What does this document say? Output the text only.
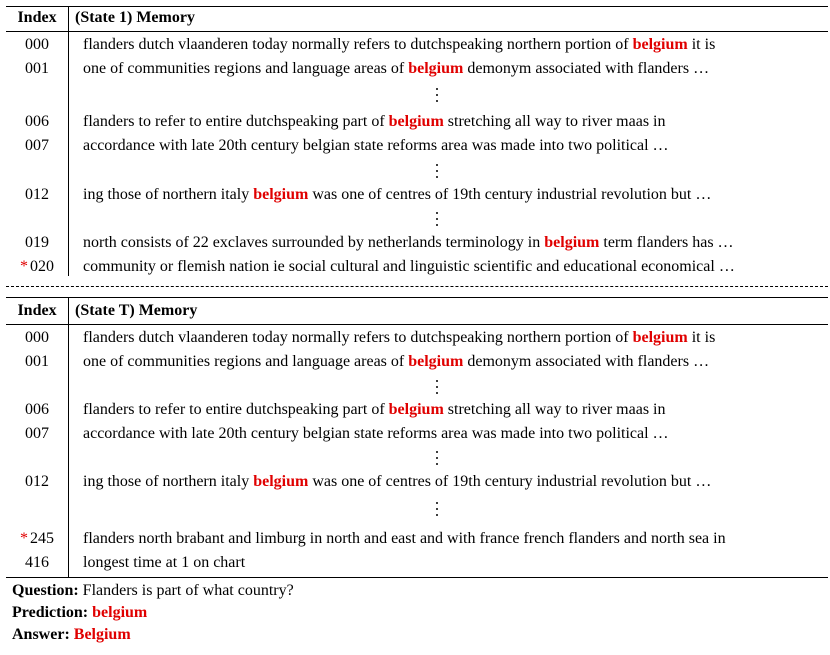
Index	(State 1) Memory
000	flanders dutch vlaanderen today normally refers to dutchspeaking northern portion of belgium it is
001	one of communities regions and language areas of belgium demonym associated with flanders …
006	flanders to refer to entire dutchspeaking part of belgium stretching all way to river maas in
007	accordance with late 20th century belgian state reforms area was made into two political …
012	ing those of northern italy belgium was one of centres of 19th century industrial revolution but …
019	north consists of 22 exclaves surrounded by netherlands terminology in belgium term flanders has …
* 020	community or flemish nation ie social cultural and linguistic scientific and educational economical …
Index	(State T) Memory
000	flanders dutch vlaanderen today normally refers to dutchspeaking northern portion of belgium it is
001	one of communities regions and language areas of belgium demonym associated with flanders …
006	flanders to refer to entire dutchspeaking part of belgium stretching all way to river maas in
007	accordance with late 20th century belgian state reforms area was made into two political …
012	ing those of northern italy belgium was one of centres of 19th century industrial revolution but …
* 245	flanders north brabant and limburg in north and east and with france french flanders and north sea in
416	longest time at 1 on chart
Question: Flanders is part of what country?
Prediction: belgium
Answer: Belgium
